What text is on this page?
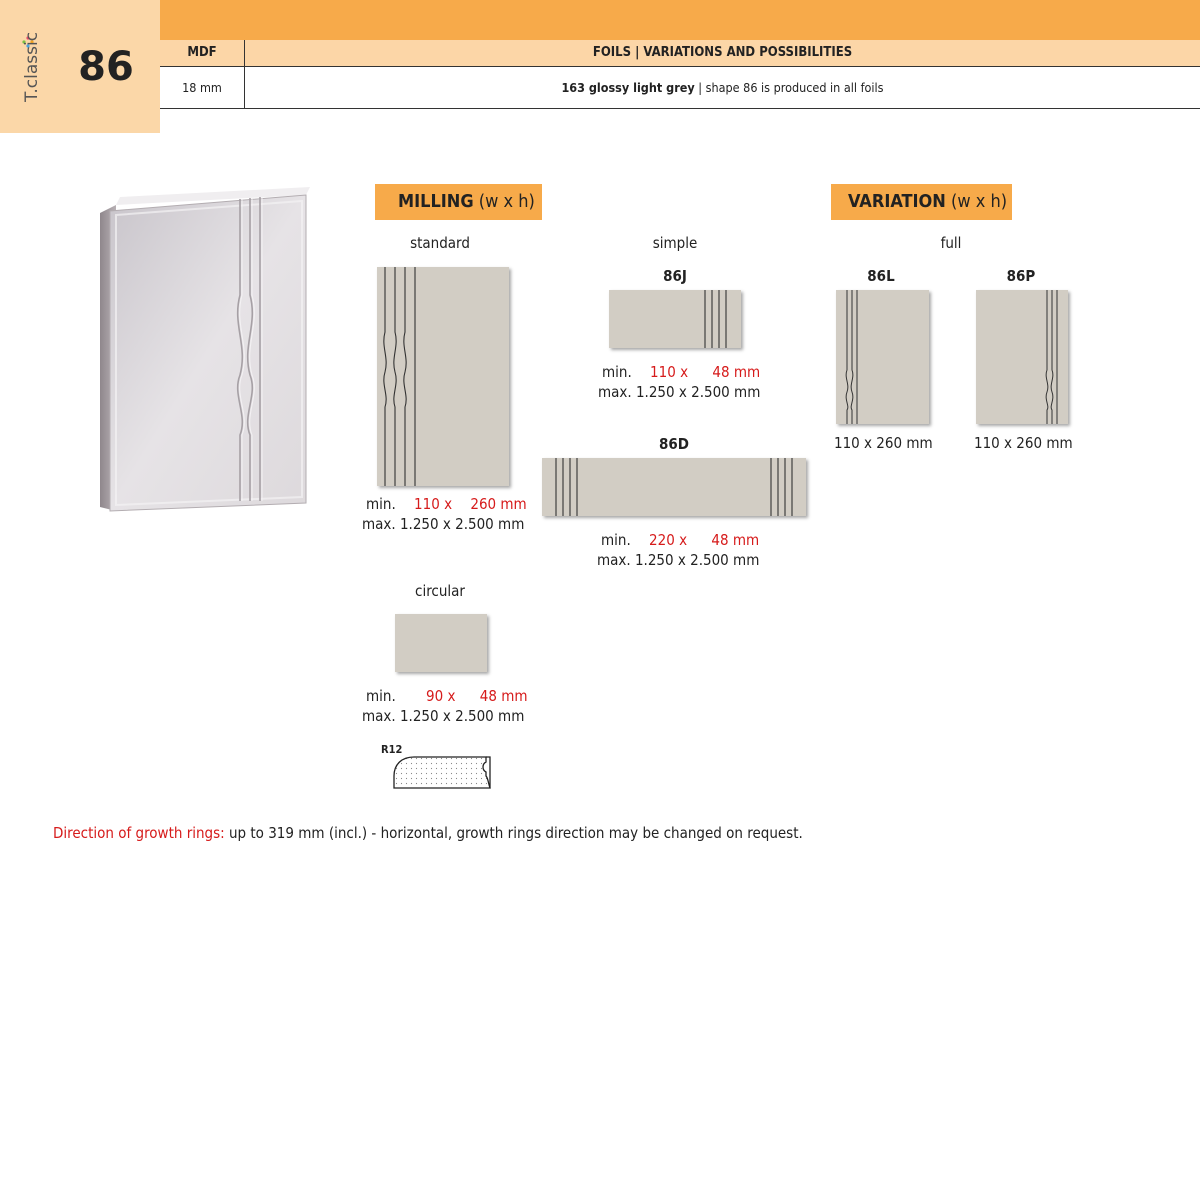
T.classic 86	MDF	FOILS | VARIATIONS AND POSSIBILITIES
18 mm	163 glossy light grey | shape 86 is produced in all foils
MILLING (w x h)
standard
min. 110 x 260 mm
max. 1.250 x 2.500 mm
simple
86J
min. 110 x 48 mm
max. 1.250 x 2.500 mm
86D
min. 220 x 48 mm
max. 1.250 x 2.500 mm
circular
min. 90 x 48 mm
max. 1.250 x 2.500 mm
R12
VARIATION (w x h)
full
86L
110 x 260 mm
86P
110 x 260 mm
Direction of growth rings: up to 319 mm (incl.) - horizontal, growth rings direction may be changed on request.
